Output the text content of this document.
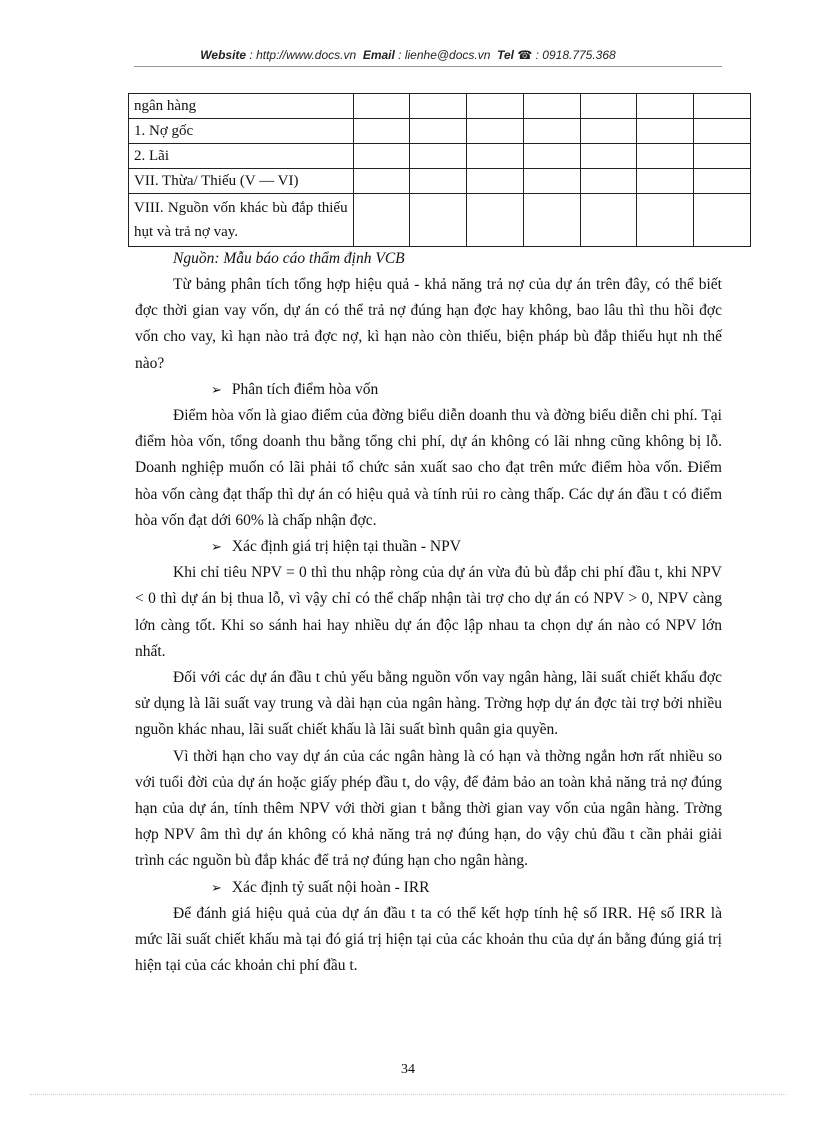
Website : http://www.docs.vn Email : lienhe@docs.vn Tel ☎ : 0918.775.368
ngân hàng							
1. Nợ gốc							
2. Lãi							
VII. Thừa/ Thiếu (V — VI)							

VIII. Nguồn vốn khác bù đắp thiếu hụt và trả nợ vay.							

Nguồn: Mẫu báo cáo thẩm định VCB

Từ bảng phân tích tổng hợp hiệu quả - khả năng trả nợ của dự án trên đây, có thể biết đợc thời gian vay vốn, dự án có thể trả nợ đúng hạn đợc hay không, bao lâu thì thu hồi đợc vốn cho vay, kì hạn nào trả đợc nợ, kì hạn nào còn thiếu, biện pháp bù đắp thiếu hụt nh thế nào?

➢ Phân tích điểm hòa vốn

Điểm hòa vốn là giao điểm của đờng biểu diễn doanh thu và đờng biểu diễn chi phí. Tại điểm hòa vốn, tổng doanh thu bằng tổng chi phí, dự án không có lãi nhng cũng không bị lỗ. Doanh nghiệp muốn có lãi phải tổ chức sản xuất sao cho đạt trên mức điểm hòa vốn. Điểm hòa vốn càng đạt thấp thì dự án có hiệu quả và tính rủi ro càng thấp. Các dự án đầu t có điểm hòa vốn đạt dới 60% là chấp nhận đợc.

➢ Xác định giá trị hiện tại thuần - NPV

Khi chỉ tiêu NPV = 0 thì thu nhập ròng của dự án vừa đủ bù đắp chi phí đầu t, khi NPV < 0 thì dự án bị thua lỗ, vì vậy chỉ có thể chấp nhận tài trợ cho dự án có NPV > 0, NPV càng lớn càng tốt. Khi so sánh hai hay nhiều dự án độc lập nhau ta chọn dự án nào có NPV lớn nhất.

Đối với các dự án đầu t chủ yếu bằng nguồn vốn vay ngân hàng, lãi suất chiết khấu đợc sử dụng là lãi suất vay trung và dài hạn của ngân hàng. Trờng hợp dự án đợc tài trợ bởi nhiều nguồn khác nhau, lãi suất chiết khấu là lãi suất bình quân gia quyền.

Vì thời hạn cho vay dự án của các ngân hàng là có hạn và thờng ngắn hơn rất nhiều so với tuổi đời của dự án hoặc giấy phép đầu t, do vậy, để đảm bảo an toàn khả năng trả nợ đúng hạn của dự án, tính thêm NPV với thời gian t bằng thời gian vay vốn của ngân hàng. Trờng hợp NPV âm thì dự án không có khả năng trả nợ đúng hạn, do vậy chủ đầu t cần phải giải trình các nguồn bù đắp khác để trả nợ đúng hạn cho ngân hàng.

➢ Xác định tỷ suất nội hoàn - IRR

Để đánh giá hiệu quả của dự án đầu t ta có thể kết hợp tính hệ số IRR. Hệ số IRR là mức lãi suất chiết khấu mà tại đó giá trị hiện tại của các khoản thu của dự án bằng đúng giá trị hiện tại của các khoản chi phí đầu t.

34
